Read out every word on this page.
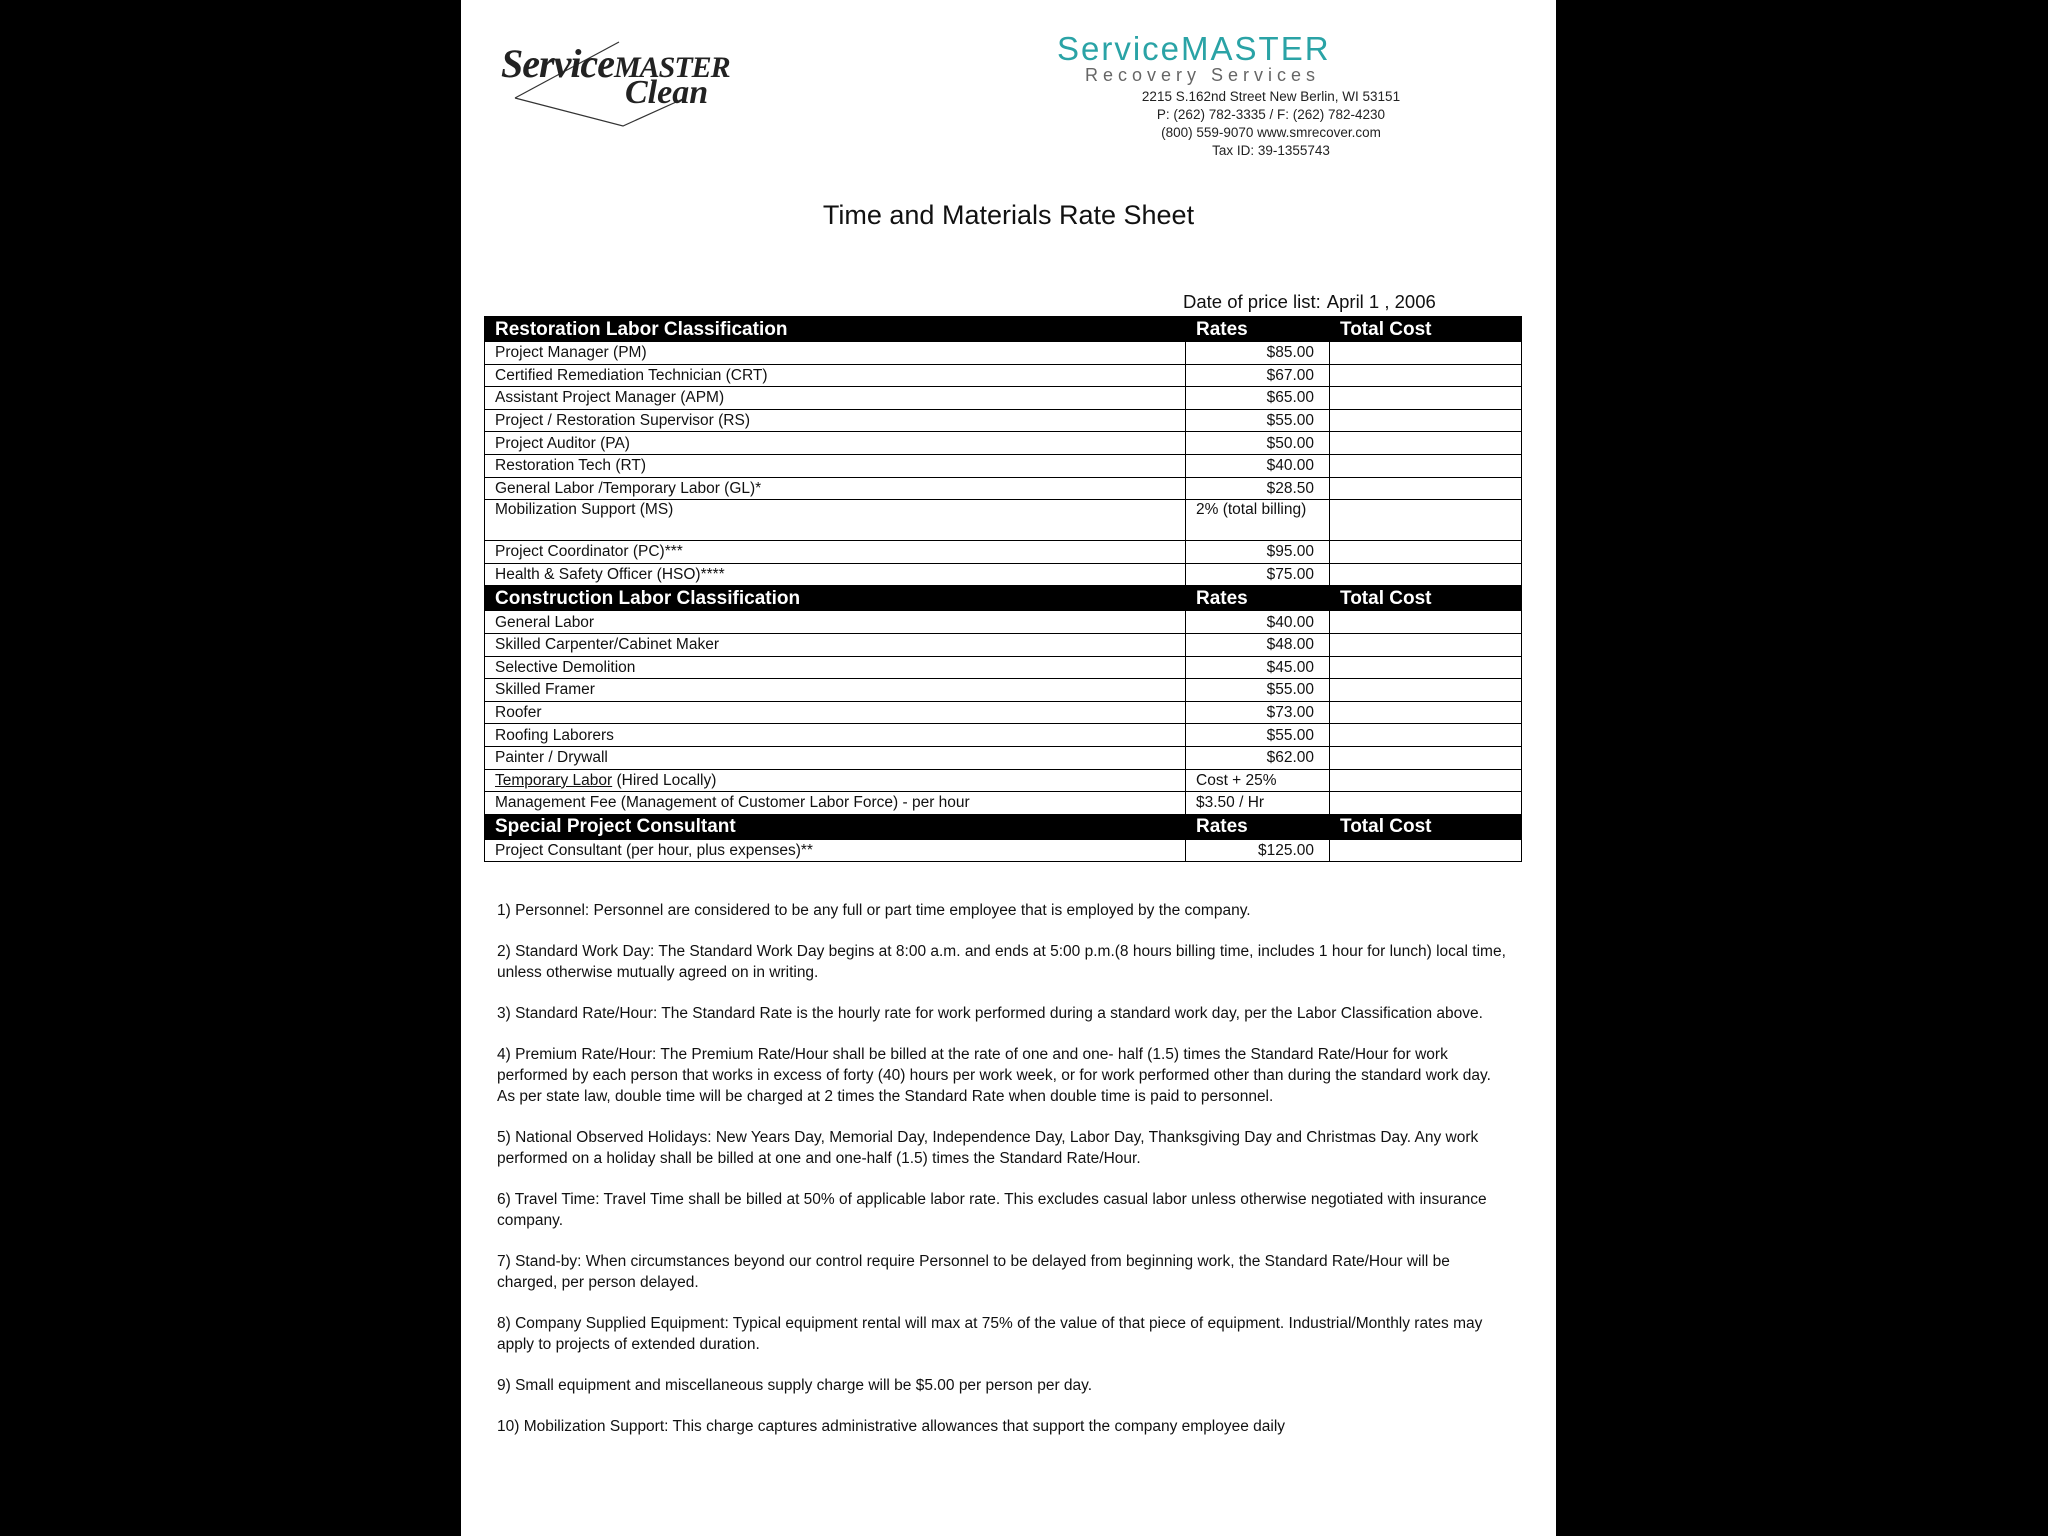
ServiceMASTER
Clean
ServiceMASTER
Recovery Services
2215 S.162nd Street New Berlin, WI 53151
P: (262) 782-3335 / F: (262) 782-4230
(800) 559-9070 www.smrecover.com
Tax ID: 39-1355743
Time and Materials Rate Sheet
Date of price list: April 1 , 2006
Restoration Labor Classification	Rates	Total Cost
Project Manager (PM)	$85.00	
Certified Remediation Technician (CRT)	$67.00	
Assistant Project Manager (APM)	$65.00	
Project / Restoration Supervisor (RS)	$55.00	
Project Auditor (PA)	$50.00	
Restoration Tech (RT)	$40.00	
General Labor /Temporary Labor (GL)*	$28.50	
Mobilization Support (MS)	2% (total billing)	
Project Coordinator (PC)***	$95.00	
Health & Safety Officer (HSO)****	$75.00	
Construction Labor Classification	Rates	Total Cost
General Labor	$40.00	
Skilled Carpenter/Cabinet Maker	$48.00	
Selective Demolition	$45.00	
Skilled Framer	$55.00	
Roofer	$73.00	
Roofing Laborers	$55.00	
Painter / Drywall	$62.00	
Temporary Labor (Hired Locally)	Cost + 25%	
Management Fee (Management of Customer Labor Force) - per hour	$3.50 / Hr	
Special Project Consultant	Rates	Total Cost
Project Consultant (per hour, plus expenses)**	$125.00	

1) Personnel: Personnel are considered to be any full or part time employee that is employed by the company.

2) Standard Work Day: The Standard Work Day begins at 8:00 a.m. and ends at 5:00 p.m.(8 hours billing time, includes 1 hour for lunch) local time, unless otherwise mutually agreed on in writing.

3) Standard Rate/Hour: The Standard Rate is the hourly rate for work performed during a standard work day, per the Labor Classification above.

4) Premium Rate/Hour: The Premium Rate/Hour shall be billed at the rate of one and one- half (1.5) times the Standard Rate/Hour for work performed by each person that works in excess of forty (40) hours per work week, or for work performed other than during the standard work day. As per state law, double time will be charged at 2 times the Standard Rate when double time is paid to personnel.

5) National Observed Holidays: New Years Day, Memorial Day, Independence Day, Labor Day, Thanksgiving Day and Christmas Day. Any work performed on a holiday shall be billed at one and one-half (1.5) times the Standard Rate/Hour.

6) Travel Time: Travel Time shall be billed at 50% of applicable labor rate. This excludes casual labor unless otherwise negotiated with insurance company.

7) Stand-by: When circumstances beyond our control require Personnel to be delayed from beginning work, the Standard Rate/Hour will be charged, per person delayed.

8) Company Supplied Equipment: Typical equipment rental will max at 75% of the value of that piece of equipment. Industrial/Monthly rates may apply to projects of extended duration.

9) Small equipment and miscellaneous supply charge will be $5.00 per person per day.

10) Mobilization Support: This charge captures administrative allowances that support the company employee daily
